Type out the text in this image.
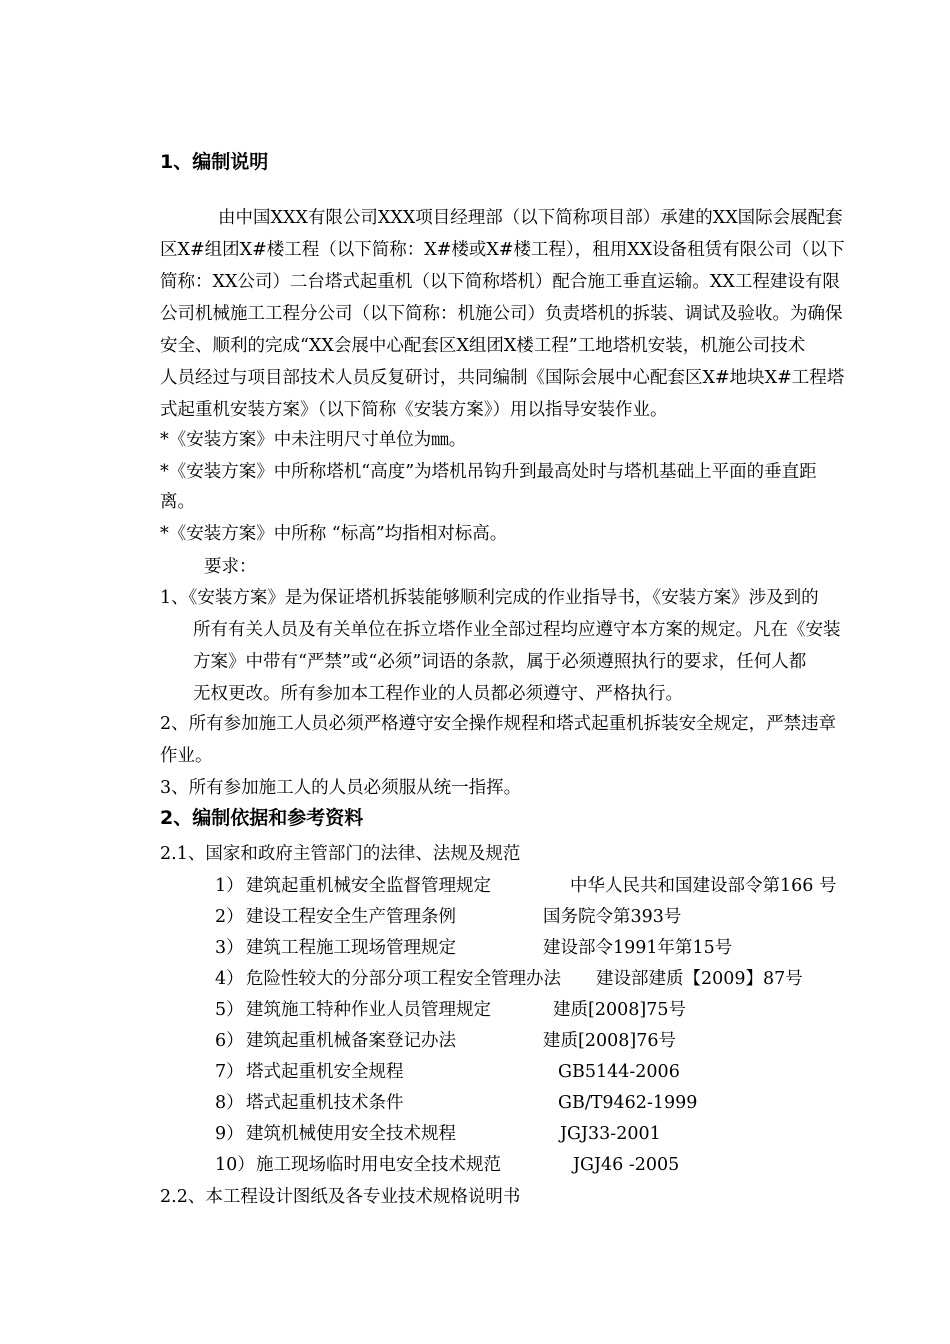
1、编制说明
由中国XXX有限公司XXX项目经理部（以下简称项目部）承建的XX国际会展配套
区X#组团X#楼工程（以下简称：X#楼或X#楼工程），租用XX设备租赁有限公司（以下
简称：XX公司）二台塔式起重机（以下简称塔机）配合施工垂直运输。XX工程建设有限
公司机械施工工程分公司（以下简称：机施公司）负责塔机的拆装、调试及验收。为确保
安全、顺利的完成“XX会展中心配套区X组团X楼工程”工地塔机安装，机施公司技术
人员经过与项目部技术人员反复研讨，共同编制《国际会展中心配套区X#地块X#工程塔
式起重机安装方案》（以下简称《安装方案》）用以指导安装作业。
*《安装方案》中未注明尺寸单位为㎜。
*《安装方案》中所称塔机“高度”为塔机吊钩升到最高处时与塔机基础上平面的垂直距
离。
*《安装方案》中所称 “标高”均指相对标高。
要求：
1、《安装方案》是为保证塔机拆装能够顺利完成的作业指导书，《安装方案》涉及到的
所有有关人员及有关单位在拆立塔作业全部过程均应遵守本方案的规定。凡在《安装
方案》中带有“严禁”或“必须”词语的条款，属于必须遵照执行的要求，任何人都
无权更改。所有参加本工程作业的人员都必须遵守、严格执行。
2、所有参加施工人员必须严格遵守安全操作规程和塔式起重机拆装安全规定，严禁违章
作业。
3、所有参加施工人的人员必须服从统一指挥。
2、编制依据和参考资料
2.1、国家和政府主管部门的法律、法规及规范
1） 建筑起重机械安全监督管理规定	中华人民共和国建设部令第166 号
2） 建设工程安全生产管理条例	国务院令第393号
3） 建筑工程施工现场管理规定	建设部令1991年第15号
4） 危险性较大的分部分项工程安全管理办法 建设部建质【2009】87号
5） 建筑施工特种作业人员管理规定	建质[2008]75号
6） 建筑起重机械备案登记办法	建质[2008]76号
7） 塔式起重机安全规程	GB5144-2006
8） 塔式起重机技术条件	GB/T9462-1999
9） 建筑机械使用安全技术规程	JGJ33-2001
10） 施工现场临时用电安全技术规范	JGJ46 -2005
2.2、本工程设计图纸及各专业技术规格说明书
